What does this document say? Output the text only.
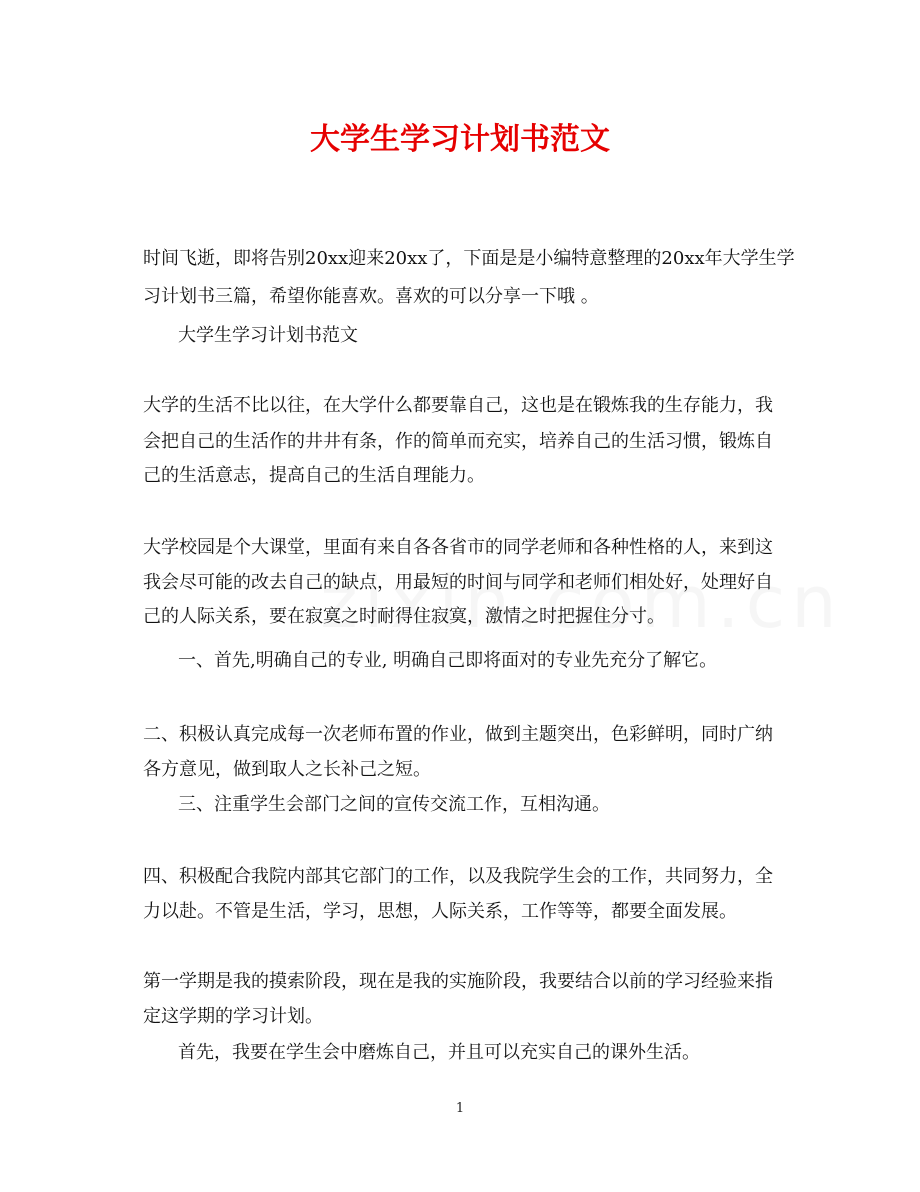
大学生学习计划书范文
时间飞逝，即将告别20xx迎来20xx了，下面是是小编特意整理的20xx年大学生学
习计划书三篇，希望你能喜欢。喜欢的可以分享一下哦 。
大学生学习计划书范文
大学的生活不比以往，在大学什么都要靠自己，这也是在锻炼我的生存能力，我
会把自己的生活作的井井有条，作的简单而充实，培养自己的生活习惯，锻炼自
己的生活意志，提高自己的生活自理能力。
大学校园是个大课堂，里面有来自各各省市的同学老师和各种性格的人，来到这
我会尽可能的改去自己的缺点，用最短的时间与同学和老师们相处好，处理好自
己的人际关系，要在寂寞之时耐得住寂寞，激情之时把握住分寸。
一、首先,明确自己的专业, 明确自己即将面对的专业先充分了解它。
二、积极认真完成每一次老师布置的作业，做到主题突出，色彩鲜明，同时广纳
各方意见，做到取人之长补己之短。
三、注重学生会部门之间的宣传交流工作，互相沟通。
四、积极配合我院内部其它部门的工作，以及我院学生会的工作，共同努力，全
力以赴。不管是生活，学习，思想，人际关系，工作等等，都要全面发展。
第一学期是我的摸索阶段，现在是我的实施阶段，我要结合以前的学习经验来指
定这学期的学习计划。
首先，我要在学生会中磨炼自己，并且可以充实自己的课外生活。
1
